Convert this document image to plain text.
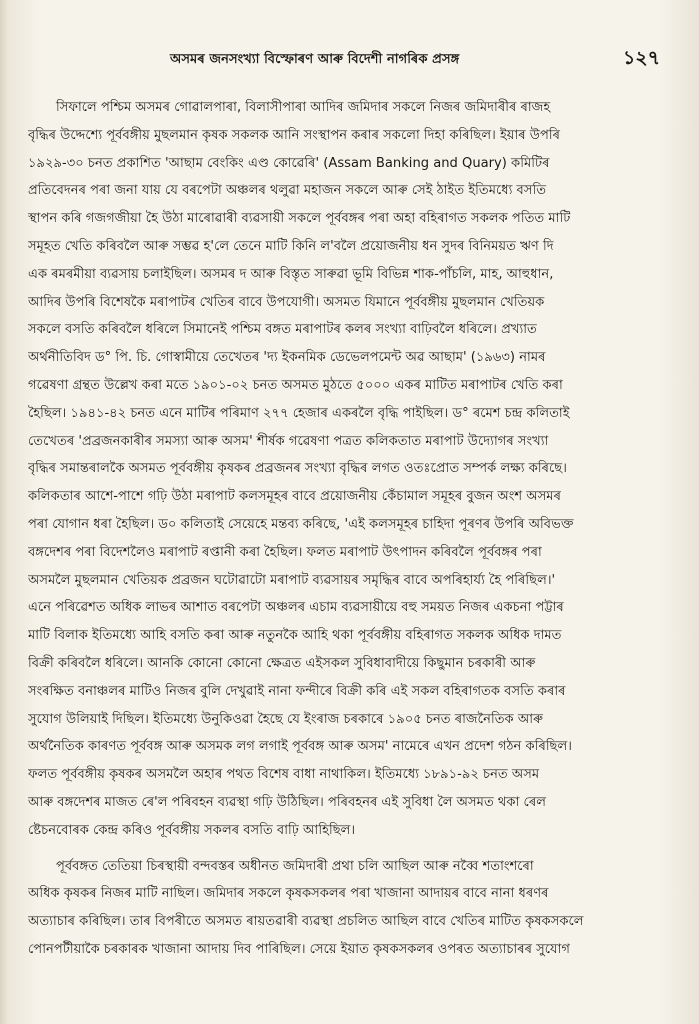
অসমৰ জনসংখ্যা বিস্ফোৰণ আৰু বিদেশী নাগৰিক প্ৰসঙ্গ	১২৭
সিফালে পশ্চিম অসমৰ গোৱালপাৰা, বিলাসীপাৰা আদিৰ জমিদাৰ সকলে নিজৰ জমিদাৰীৰ ৰাজহ
বৃদ্ধিৰ উদ্দেশ্যে পূৰ্ববঙ্গীয় মুছলমান কৃষক সকলক আনি সংস্থাপন কৰাৰ সকলো দিহা কৰিছিল। ইয়াৰ উপৰি
১৯২৯-৩০ চনত প্ৰকাশিত 'আছাম বেংকিং এণ্ড কোৱেৰি' (Assam Banking and Quary) কমিটিৰ
প্ৰতিবেদনৰ পৰা জনা যায় যে বৰপেটা অঞ্চলৰ থলুৱা মহাজন সকলে আৰু সেই ঠাইত ইতিমধ্যে বসতি
স্থাপন কৰি গজগজীয়া হৈ উঠা মাৰোৱাৰী ব্যৱসায়ী সকলে পূৰ্ববঙ্গৰ পৰা অহা বহিৰাগত সকলক পতিত মাটি
সমূহত খেতি কৰিবলৈ আৰু সম্ভৱ হ'লে তেনে মাটি কিনি ল'বলৈ প্ৰয়োজনীয় ধন সুদৰ বিনিময়ত ঋণ দি
এক ৰমৰমীয়া ব্যৱসায় চলাইছিল। অসমৰ দ আৰু বিস্তৃত সাৰুৱা ভূমি বিভিন্ন শাক-পাঁচলি, মাহ, আহুধান,
আদিৰ উপৰি বিশেষকৈ মৰাপাটৰ খেতিৰ বাবে উপযোগী। অসমত যিমানে পূৰ্ববঙ্গীয় মুছলমান খেতিয়ক
সকলে বসতি কৰিবলৈ ধৰিলে সিমানেই পশ্চিম বঙ্গত মৰাপাটৰ কলৰ সংখ্যা বাঢ়িবলৈ ধৰিলে। প্ৰখ্যাত
অৰ্থনীতিবিদ ড° পি. চি. গোস্বামীয়ে তেখেতৰ 'দ্য ইকনমিক ডেভেলপমেন্ট অৱ আছাম' (১৯৬৩) নামৰ
গৱেষণা গ্ৰন্থত উল্লেখ কৰা মতে ১৯০১-০২ চনত অসমত মুঠতে ৫০০০ একৰ মাটিত মৰাপাটৰ খেতি কৰা
হৈছিল। ১৯৪১-৪২ চনত এনে মাটিৰ পৰিমাণ ২৭৭ হেজাৰ একৰলৈ বৃদ্ধি পাইছিল। ড° ৰমেশ চন্দ্ৰ কলিতাই
তেখেতৰ 'প্ৰব্ৰজনকাৰীৰ সমস্যা আৰু অসম' শীৰ্ষক গৱেষণা পত্ৰত কলিকতাত মৰাপাট উদ্যোগৰ সংখ্যা
বৃদ্ধিৰ সমান্তৰালকৈ অসমত পূৰ্ববঙ্গীয় কৃষকৰ প্ৰব্ৰজনৰ সংখ্যা বৃদ্ধিৰ লগত ওতঃপ্ৰোত সম্পৰ্ক লক্ষ্য কৰিছে।
কলিকতাৰ আশে-পাশে গঢ়ি উঠা মৰাপাট কলসমূহৰ বাবে প্ৰয়োজনীয় কেঁচামাল সমূহৰ বুজন অংশ অসমৰ
পৰা যোগান ধৰা হৈছিল। ড০ কলিতাই সেয়েহে মন্তব্য কৰিছে, 'এই কলসমূহৰ চাহিদা পূৰণৰ উপৰি অবিভক্ত
বঙ্গদেশৰ পৰা বিদেশলৈও মৰাপাট ৰপ্তানী কৰা হৈছিল। ফলত মৰাপাট উৎপাদন কৰিবলৈ পূৰ্ববঙ্গৰ পৰা
অসমলৈ মুছলমান খেতিয়ক প্ৰব্ৰজন ঘটোৱাটো মৰাপাট ব্যৱসায়ৰ সমৃদ্ধিৰ বাবে অপৰিহাৰ্য্য হৈ পৰিছিল।'
এনে পৰিৱেশত অধিক লাভৰ আশাত বৰপেটা অঞ্চলৰ এচাম ব্যৱসায়ীয়ে বহু সময়ত নিজৰ একচনা পট্টাৰ
মাটি বিলাক ইতিমধ্যে আহি বসতি কৰা আৰু নতুনকৈ আহি থকা পূৰ্ববঙ্গীয় বহিৰাগত সকলক অধিক দামত
বিক্ৰী কৰিবলৈ ধৰিলে। আনকি কোনো কোনো ক্ষেত্ৰত এইসকল সুবিধাবাদীয়ে কিছুমান চৰকাৰী আৰু
সংৰক্ষিত বনাঞ্চলৰ মাটিও নিজৰ বুলি দেখুৱাই নানা ফন্দীৰে বিক্ৰী কৰি এই সকল বহিৰাগতক বসতি কৰাৰ
সুযোগ উলিয়াই দিছিল। ইতিমধ্যে উনুকিওৱা হৈছে যে ইংৰাজ চৰকাৰে ১৯০৫ চনত ৰাজনৈতিক আৰু
অৰ্থনৈতিক কাৰণত পূৰ্ববঙ্গ আৰু অসমক লগ লগাই পূৰ্ববঙ্গ আৰু অসম' নামেৰে এখন প্ৰদেশ গঠন কৰিছিল।
ফলত পূৰ্ববঙ্গীয় কৃষকৰ অসমলৈ অহাৰ পথত বিশেষ বাধা নাথাকিল। ইতিমধ্যে ১৮৯১-৯২ চনত অসম
আৰু বঙ্গদেশৰ মাজত ৰে'ল পৰিবহন ব্যৱস্থা গঢ়ি উঠিছিল। পৰিবহনৰ এই সুবিধা লৈ অসমত থকা ৰেল
ষ্টেচনবোৰক কেন্দ্ৰ কৰিও পূৰ্ববঙ্গীয় সকলৰ বসতি বাঢ়ি আহিছিল।
পূৰ্ববঙ্গত তেতিয়া চিৰস্থায়ী বন্দবস্তৰ অধীনত জমিদাৰী প্ৰথা চলি আছিল আৰু নব্বৈ শতাংশৰো
অধিক কৃষকৰ নিজৰ মাটি নাছিল। জমিদাৰ সকলে কৃষকসকলৰ পৰা খাজানা আদায়ৰ বাবে নানা ধৰণৰ
অত্যাচাৰ কৰিছিল। তাৰ বিপৰীতে অসমত ৰায়তৱাৰী ব্যৱস্থা প্ৰচলিত আছিল বাবে খেতিৰ মাটিত কৃষকসকলে
পোনপটীয়াকৈ চৰকাৰক খাজানা আদায় দিব পাৰিছিল। সেয়ে ইয়াত কৃষকসকলৰ ওপৰত অত্যাচাৰৰ সুযোগ
